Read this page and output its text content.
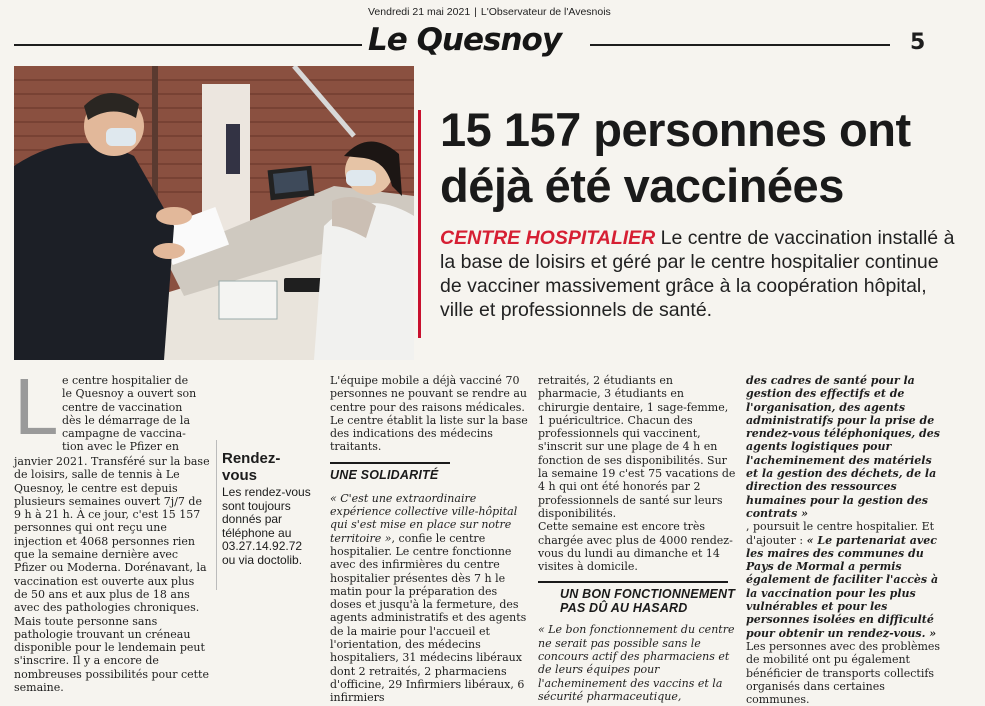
Vendredi 21 mai 2021 | L'Observateur de l'Avesnois
Le Quesnoy	5
15 157 personnes ont
déjà été vaccinées

CENTRE HOSPITALIER Le centre de vaccination installé à la base de loisirs et géré par le centre hospitalier continue de vacciner massivement grâce à la coopération hôpital, ville et professionnels de santé.

L e centre hospitalier de

le Quesnoy a ouvert son

centre de vaccination

dès le démarrage de la

campagne de vaccina-

tion avec le Pfizer en

janvier 2021. Transféré sur la base de loisirs, salle de tennis à Le Quesnoy, le centre est depuis plusieurs semaines ouvert 7j/7 de 9 h à 21 h. À ce jour, c'est 15 157 personnes qui ont reçu une injection et 4068 personnes rien que la semaine dernière avec Pfizer ou Moderna. Dorénavant, la vaccination est ouverte aux plus de 50 ans et aux plus de 18 ans avec des pathologies chroniques. Mais toute personne sans pathologie trouvant un créneau disponible pour le lendemain peut s'inscrire. Il y a encore de nombreuses possibilités pour cette semaine.

Rendez-vous
Les rendez-vous sont toujours donnés par téléphone au 03.27.14.92.72 ou via doctolib.

L'équipe mobile a déjà vacciné 70 personnes ne pouvant se rendre au centre pour des raisons médicales. Le centre établit la liste sur la base des indications des médecins traitants.

UNE SOLIDARITÉ

« C'est une extraordinaire expérience collective ville-hôpital qui s'est mise en place sur notre territoire », confie le centre hospitalier. Le centre fonctionne avec des infirmières du centre hospitalier présentes dès 7 h le matin pour la préparation des doses et jusqu'à la fermeture, des agents administratifs et des agents de la mairie pour l'accueil et l'orientation, des médecins hospitaliers, 31 médecins libéraux dont 2 retraités, 2 pharmaciens d'officine, 29 Infirmiers libéraux, 6 infirmiers

retraités, 2 étudiants en pharmacie, 3 étudiants en chirurgie dentaire, 1 sage-femme, 1 puéricultrice. Chacun des professionnels qui vaccinent, s'inscrit sur une plage de 4 h en fonction de ses disponibilités. Sur la semaine 19 c'est 75 vacations de 4 h qui ont été honorés par 2 professionnels de santé sur leurs disponibilités.

Cette semaine est encore très chargée avec plus de 4000 rendez-vous du lundi au dimanche et 14 visites à domicile.

UN BON FONCTIONNEMENT

PAS DÛ AU HASARD

« Le bon fonctionnement du centre ne serait pas possible sans le concours actif des pharmaciens et de leurs équipes pour l'acheminement des vaccins et la sécurité pharmaceutique,

des cadres de santé pour la gestion des effectifs et de l'organisation, des agents administratifs pour la prise de rendez-vous téléphoniques, des agents logistiques pour l'acheminement des matériels et la gestion des déchets, de la direction des ressources humaines pour la gestion des contrats »

, poursuit le centre hospitalier. Et d'ajouter : « Le partenariat avec les maires des communes du Pays de Mormal a permis également de faciliter l'accès à la vaccination pour les plus vulnérables et pour les personnes isolées en difficulté pour obtenir un rendez-vous. »

Les personnes avec des problèmes de mobilité ont pu également bénéficier de transports collectifs organisés dans certaines communes.
